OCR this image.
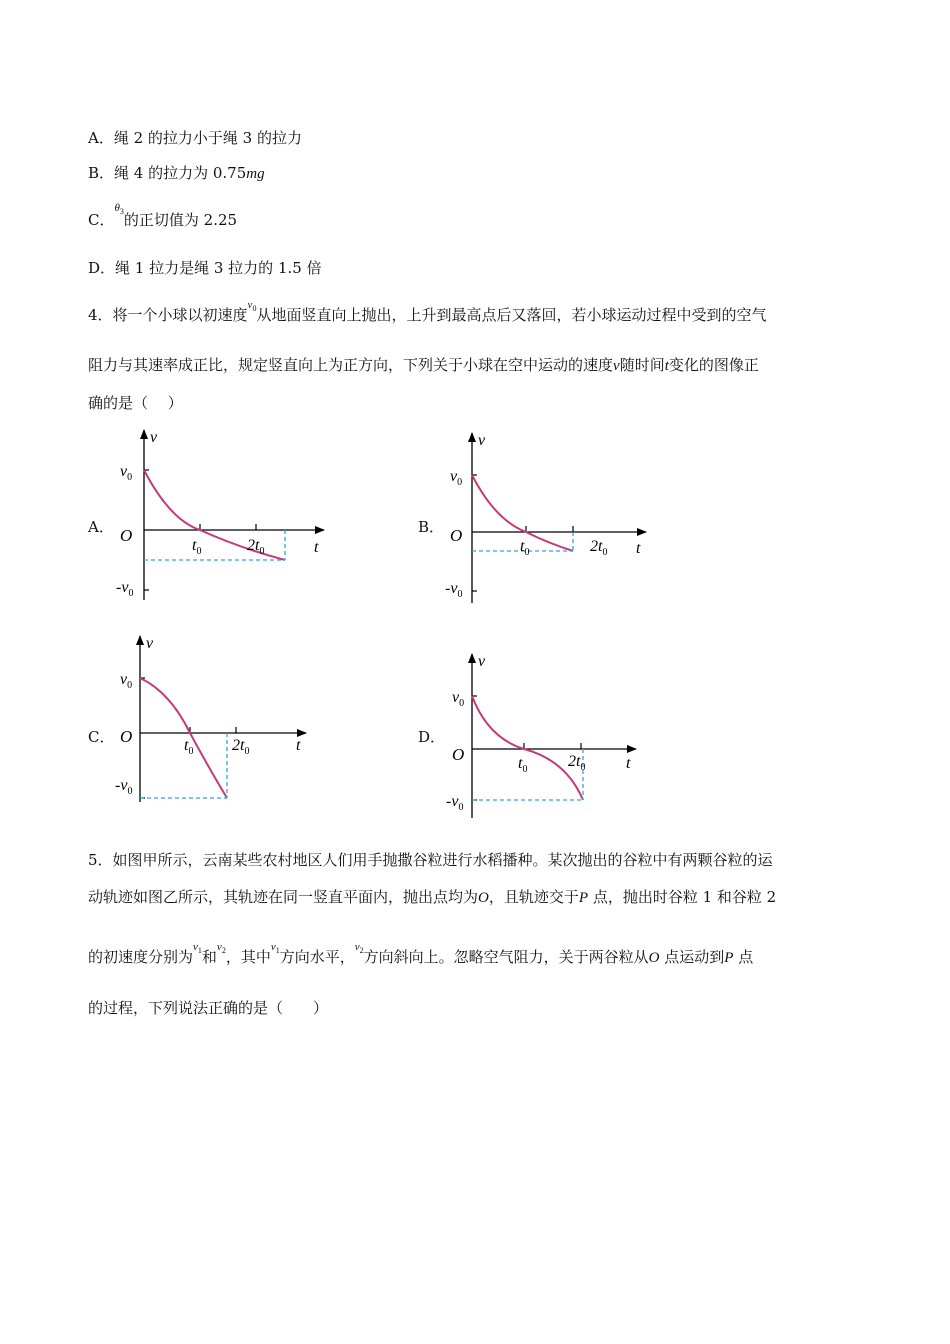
A．绳 2 的拉力小于绳 3 的拉力
B．绳 4 的拉力为 0.75mg
C．$^{\theta_3}$的正切值为 2.25
D．绳 1 拉力是绳 3 拉力的 1.5 倍
4．将一个小球以初速度$^{v_0}$从地面竖直向上抛出，上升到最高点后又落回，若小球运动过程中受到的空气
阻力与其速率成正比，规定竖直向上为正方向，下列关于小球在空中运动的速度v随时间t变化的图像正
确的是（　 ）
A．	B．
C．	D．
v
t
O
$v_0$
$-v_0$
$t_0$	$2t_0$
v
t
O
$v_0$
$-v_0$
$t_0$	$2t_0$
v
t
O
$v_0$
$-v_0$
$t_0$ $2t_0$
v
t
O
$v_0$
$-v_0$
$t_0$	$2t_0$
5．如图甲所示，云南某些农村地区人们用手抛撒谷粒进行水稻播种。某次抛出的谷粒中有两颗谷粒的运
动轨迹如图乙所示，其轨迹在同一竖直平面内，抛出点均为O，且轨迹交于P 点，抛出时谷粒 1 和谷粒 2
的初速度分别为$^{v_1}$和$^{v_2}$，其中$^{v_1}$方向水平，$^{v_2}$方向斜向上。忽略空气阻力，关于两谷粒从O 点运动到P 点
的过程，下列说法正确的是（　　）
